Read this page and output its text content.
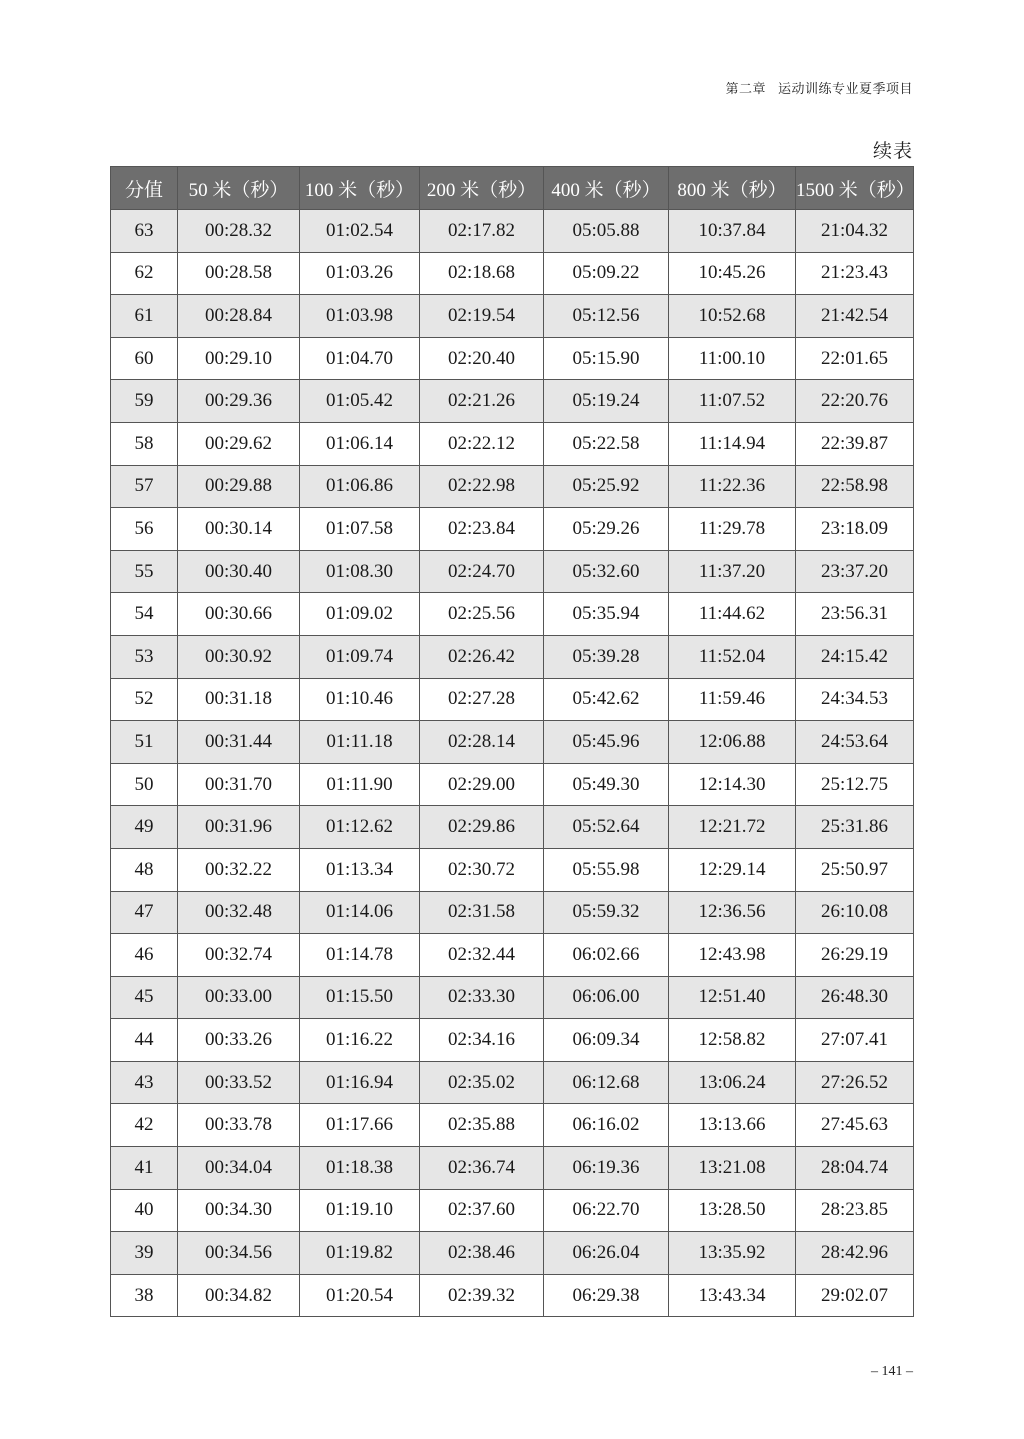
第二章 运动训练专业夏季项目
续表
分值	50 米（秒）	100 米（秒）	200 米（秒）	400 米（秒）	800 米（秒）	1500 米（秒）
63	00:28.32	01:02.54	02:17.82	05:05.88	10:37.84	21:04.32
62	00:28.58	01:03.26	02:18.68	05:09.22	10:45.26	21:23.43
61	00:28.84	01:03.98	02:19.54	05:12.56	10:52.68	21:42.54
60	00:29.10	01:04.70	02:20.40	05:15.90	11:00.10	22:01.65
59	00:29.36	01:05.42	02:21.26	05:19.24	11:07.52	22:20.76
58	00:29.62	01:06.14	02:22.12	05:22.58	11:14.94	22:39.87
57	00:29.88	01:06.86	02:22.98	05:25.92	11:22.36	22:58.98
56	00:30.14	01:07.58	02:23.84	05:29.26	11:29.78	23:18.09
55	00:30.40	01:08.30	02:24.70	05:32.60	11:37.20	23:37.20
54	00:30.66	01:09.02	02:25.56	05:35.94	11:44.62	23:56.31
53	00:30.92	01:09.74	02:26.42	05:39.28	11:52.04	24:15.42
52	00:31.18	01:10.46	02:27.28	05:42.62	11:59.46	24:34.53
51	00:31.44	01:11.18	02:28.14	05:45.96	12:06.88	24:53.64
50	00:31.70	01:11.90	02:29.00	05:49.30	12:14.30	25:12.75
49	00:31.96	01:12.62	02:29.86	05:52.64	12:21.72	25:31.86
48	00:32.22	01:13.34	02:30.72	05:55.98	12:29.14	25:50.97
47	00:32.48	01:14.06	02:31.58	05:59.32	12:36.56	26:10.08
46	00:32.74	01:14.78	02:32.44	06:02.66	12:43.98	26:29.19
45	00:33.00	01:15.50	02:33.30	06:06.00	12:51.40	26:48.30
44	00:33.26	01:16.22	02:34.16	06:09.34	12:58.82	27:07.41
43	00:33.52	01:16.94	02:35.02	06:12.68	13:06.24	27:26.52
42	00:33.78	01:17.66	02:35.88	06:16.02	13:13.66	27:45.63
41	00:34.04	01:18.38	02:36.74	06:19.36	13:21.08	28:04.74
40	00:34.30	01:19.10	02:37.60	06:22.70	13:28.50	28:23.85
39	00:34.56	01:19.82	02:38.46	06:26.04	13:35.92	28:42.96
38	00:34.82	01:20.54	02:39.32	06:29.38	13:43.34	29:02.07
– 141 –
